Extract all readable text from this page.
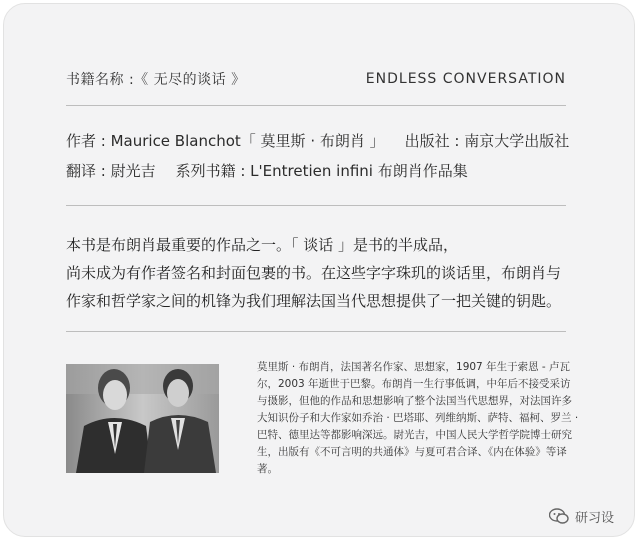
书籍名称 :《 无尽的谈话 》	ENDLESS CONVERSATION
作者 : Maurice Blanchot「 莫里斯 · 布朗肖 」 出版社 : 南京大学出版社
翻译 : 尉光吉 系列书籍 : L'Entretien infini 布朗肖作品集

本书是布朗肖最重要的作品之一。「 谈话 」是书的半成品，

尚未成为有作者签名和封面包裹的书。在这些字字珠玑的谈话里，布朗肖与

作家和哲学家之间的机锋为我们理解法国当代思想提供了一把关键的钥匙。

莫里斯 · 布朗肖，法国著名作家、思想家，1907 年生于索恩 - 卢瓦尔，2003 年逝世于巴黎。布朗肖一生行事低调，中年后不接受采访与摄影，但他的作品和思想影响了整个法国当代思想界，对法国许多大知识份子和大作家如乔治 · 巴塔耶、列维纳斯、萨特、福柯、罗兰 · 巴特、德里达等都影响深远。尉光吉，中国人民大学哲学院博士研究生，出版有《不可言明的共通体》与夏可君合译、《内在体验》等译著。

研习设
